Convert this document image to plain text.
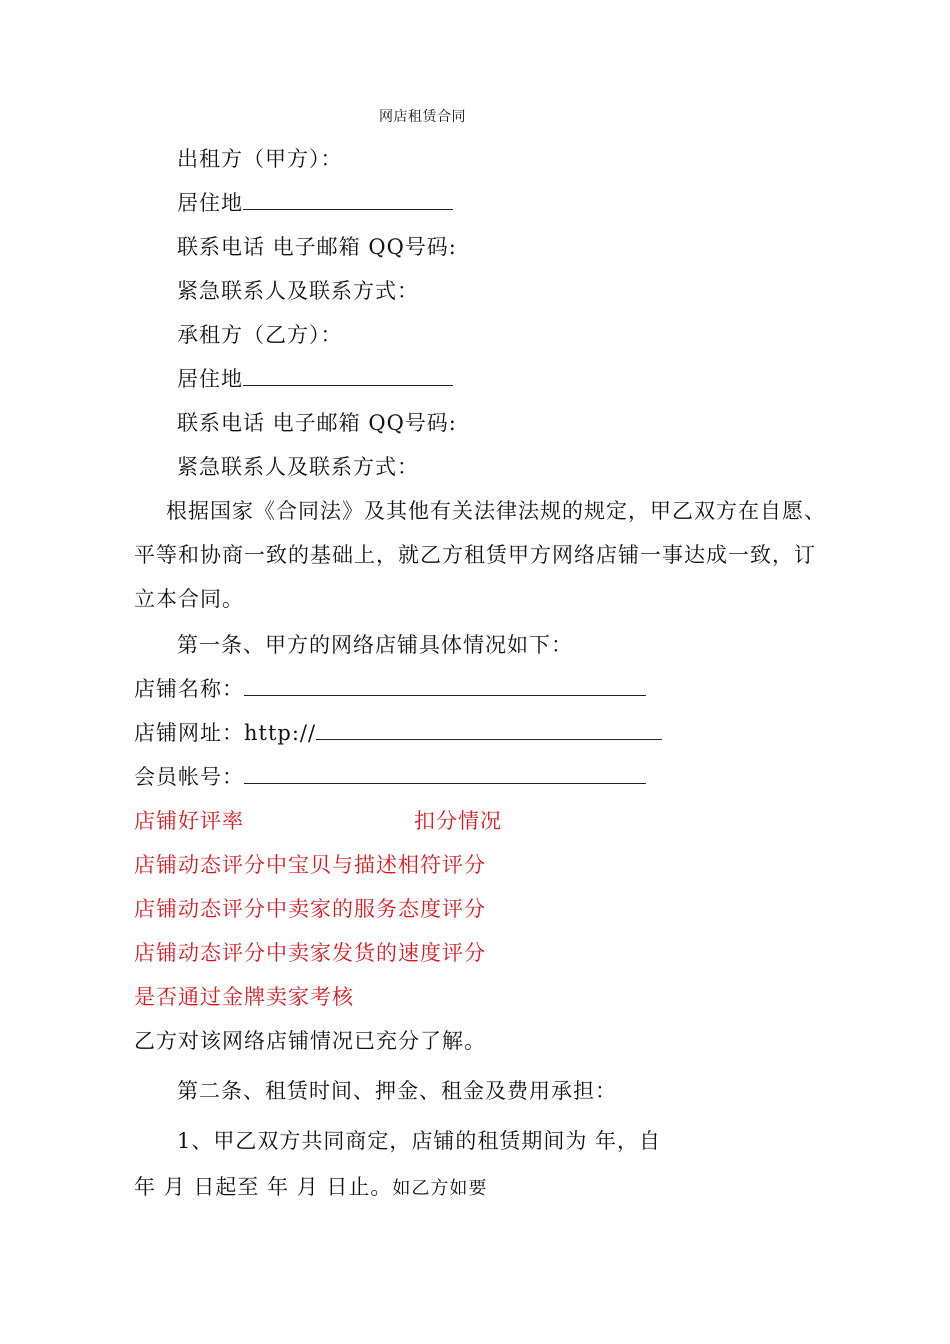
网店租赁合同
出租方（甲方）：
居住地
联系电话 电子邮箱 QQ号码:
紧急联系人及联系方式：
承租方（乙方）：
居住地
联系电话 电子邮箱 QQ号码:
紧急联系人及联系方式：
根据国家《合同法》及其他有关法律法规的规定，甲乙双方在自愿、平等和协商一致的基础上，就乙方租赁甲方网络店铺一事达成一致，订立本合同。
第一条、甲方的网络店铺具体情况如下：
店铺名称：
店铺网址：http://
会员帐号：
店铺好评率	扣分情况
店铺动态评分中宝贝与描述相符评分
店铺动态评分中卖家的服务态度评分
店铺动态评分中卖家发货的速度评分
是否通过金牌卖家考核
乙方对该网络店铺情况已充分了解。
第二条、租赁时间、押金、租金及费用承担：
1、甲乙双方共同商定，店铺的租赁期间为 年，自
年 月 日起至 年 月 日止。如乙方如要
